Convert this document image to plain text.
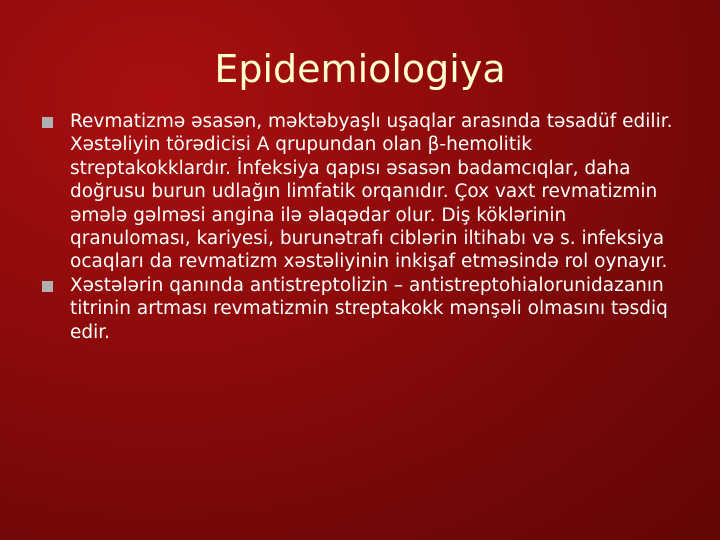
Epidemiologiya
Revmatizmə əsasən, məktəbyaşlı uşaqlar arasında təsadüf edilir. Xəstəliyin törədicisi A qrupundan olan β-hemolitik streptakokklardır. İnfeksiya qapısı əsasən badamcıqlar, daha doğrusu burun udlağın limfatik orqanıdır. Çox vaxt revmatizmin əmələ gəlməsi angina ilə əlaqədar olur. Diş köklərinin qranuloması, kariyesi, burunətrafı ciblərin iltihabı və s. infeksiya ocaqları da revmatizm xəstəliyinin inkişaf etməsində rol oynayır.
Xəstələrin qanında antistreptolizin – antistreptohialorunidazanın titrinin artması revmatizmin streptakokk mənşəli olmasını təsdiq edir.
